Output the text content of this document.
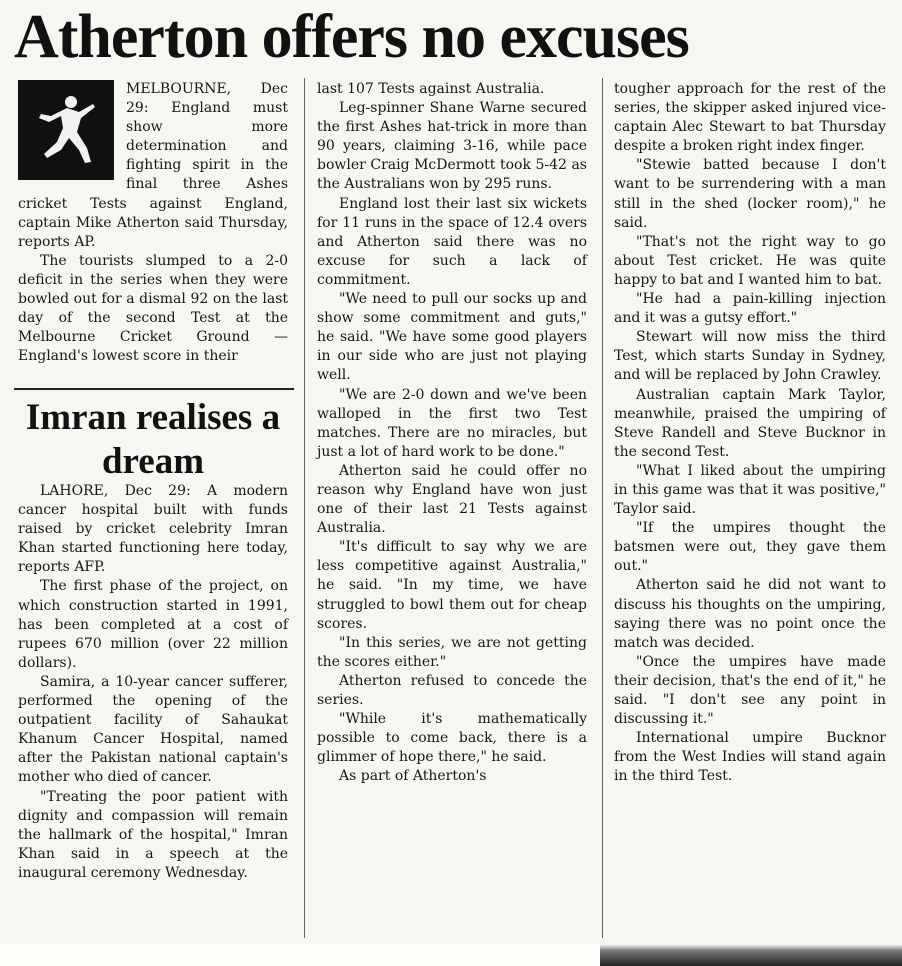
Atherton offers no excuses

MELBOURNE, Dec 29: England must show more determination and fighting spirit in the final three Ashes cricket Tests against England, captain Mike Atherton said Thursday, reports AP.

The tourists slumped to a 2-0 deficit in the series when they were bowled out for a dismal 92 on the last day of the second Test at the Melbourne Cricket Ground — England's lowest score in their

Imran realises a dream

LAHORE, Dec 29: A modern cancer hospital built with funds raised by cricket celebrity Imran Khan started functioning here today, reports AFP.

The first phase of the project, on which construction started in 1991, has been completed at a cost of rupees 670 million (over 22 million dollars).

Samira, a 10-year cancer sufferer, performed the opening of the outpatient facility of Sahaukat Khanum Cancer Hospital, named after the Pakistan national captain's mother who died of cancer.

"Treating the poor patient with dignity and compassion will remain the hallmark of the hospital," Imran Khan said in a speech at the inaugural ceremony Wednesday.

last 107 Tests against Australia.

Leg-spinner Shane Warne secured the first Ashes hat-trick in more than 90 years, claiming 3-16, while pace bowler Craig McDermott took 5-42 as the Australians won by 295 runs.

England lost their last six wickets for 11 runs in the space of 12.4 overs and Atherton said there was no excuse for such a lack of commitment.

"We need to pull our socks up and show some commitment and guts," he said. "We have some good players in our side who are just not playing well.

"We are 2-0 down and we've been walloped in the first two Test matches. There are no miracles, but just a lot of hard work to be done."

Atherton said he could offer no reason why England have won just one of their last 21 Tests against Australia.

"It's difficult to say why we are less competitive against Australia," he said. "In my time, we have struggled to bowl them out for cheap scores.

"In this series, we are not getting the scores either."

Atherton refused to concede the series.

"While it's mathematically possible to come back, there is a glimmer of hope there," he said.

As part of Atherton's

tougher approach for the rest of the series, the skipper asked injured vice-captain Alec Stewart to bat Thursday despite a broken right index finger.

"Stewie batted because I don't want to be surrendering with a man still in the shed (locker room)," he said.

"That's not the right way to go about Test cricket. He was quite happy to bat and I wanted him to bat.

"He had a pain-killing injection and it was a gutsy effort."

Stewart will now miss the third Test, which starts Sunday in Sydney, and will be replaced by John Crawley.

Australian captain Mark Taylor, meanwhile, praised the umpiring of Steve Randell and Steve Bucknor in the second Test.

"What I liked about the umpiring in this game was that it was positive," Taylor said.

"If the umpires thought the batsmen were out, they gave them out."

Atherton said he did not want to discuss his thoughts on the umpiring, saying there was no point once the match was decided.

"Once the umpires have made their decision, that's the end of it," he said. "I don't see any point in discussing it."

International umpire Bucknor from the West Indies will stand again in the third Test.
